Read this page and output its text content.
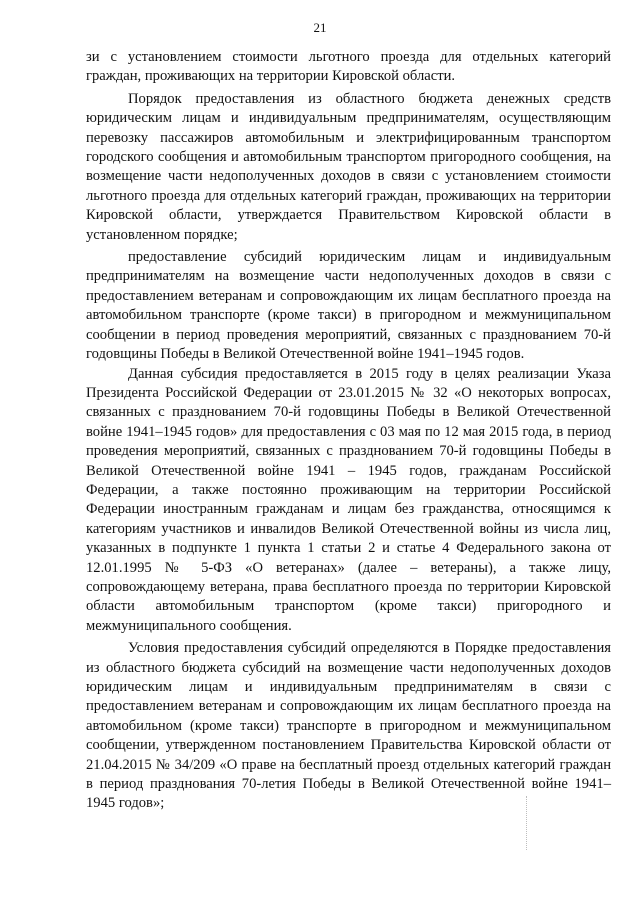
21

зи с установлением стоимости льготного проезда для отдельных категорий граждан, проживающих на территории Кировской области.

Порядок предоставления из областного бюджета денежных средств юридическим лицам и индивидуальным предпринимателям, осуществляющим перевозку пассажиров автомобильным и электрифицированным транспортом городского сообщения и автомобильным транспортом пригородного сообщения, на возмещение части недополученных доходов в связи с установлением стоимости льготного проезда для отдельных категорий граждан, проживающих на территории Кировской области, утверждается Правительством Кировской области в установленном порядке;

предоставление субсидий юридическим лицам и индивидуальным предпринимателям на возмещение части недополученных доходов в связи с предоставлением ветеранам и сопровождающим их лицам бесплатного проезда на автомобильном транспорте (кроме такси) в пригородном и межмуниципальном сообщении в период проведения мероприятий, связанных с празднованием 70-й годовщины Победы в Великой Отечественной войне 1941–1945 годов.

Данная субсидия предоставляется в 2015 году в целях реализации Указа Президента Российской Федерации от 23.01.2015 № 32 «О некоторых вопросах, связанных с празднованием 70-й годовщины Победы в Великой Отечественной войне 1941–1945 годов» для предоставления с 03 мая по 12 мая 2015 года, в период проведения мероприятий, связанных с празднованием 70-й годовщины Победы в Великой Отечественной войне 1941 – 1945 годов, гражданам Российской Федерации, а также постоянно проживающим на территории Российской Федерации иностранным гражданам и лицам без гражданства, относящимся к категориям участников и инвалидов Великой Отечественной войны из числа лиц, указанных в подпункте 1 пункта 1 статьи 2 и статье 4 Федерального закона от 12.01.1995 № 5-ФЗ «О ветеранах» (далее – ветераны), а также лицу, сопровождающему ветерана, права бесплатного проезда по территории Кировской области автомобильным транспортом (кроме такси) пригородного и межмуниципального сообщения.

Условия предоставления субсидий определяются в Порядке предоставления из областного бюджета субсидий на возмещение части недополученных доходов юридическим лицам и индивидуальным предпринимателям в связи с предоставлением ветеранам и сопровождающим их лицам бесплатного проезда на автомобильном (кроме такси) транспорте в пригородном и межмуниципальном сообщении, утвержденном постановлением Правительства Кировской области от 21.04.2015 № 34/209 «О праве на бесплатный проезд отдельных категорий граждан в период празднования 70-летия Победы в Великой Отечественной войне 1941–1945 годов»;
